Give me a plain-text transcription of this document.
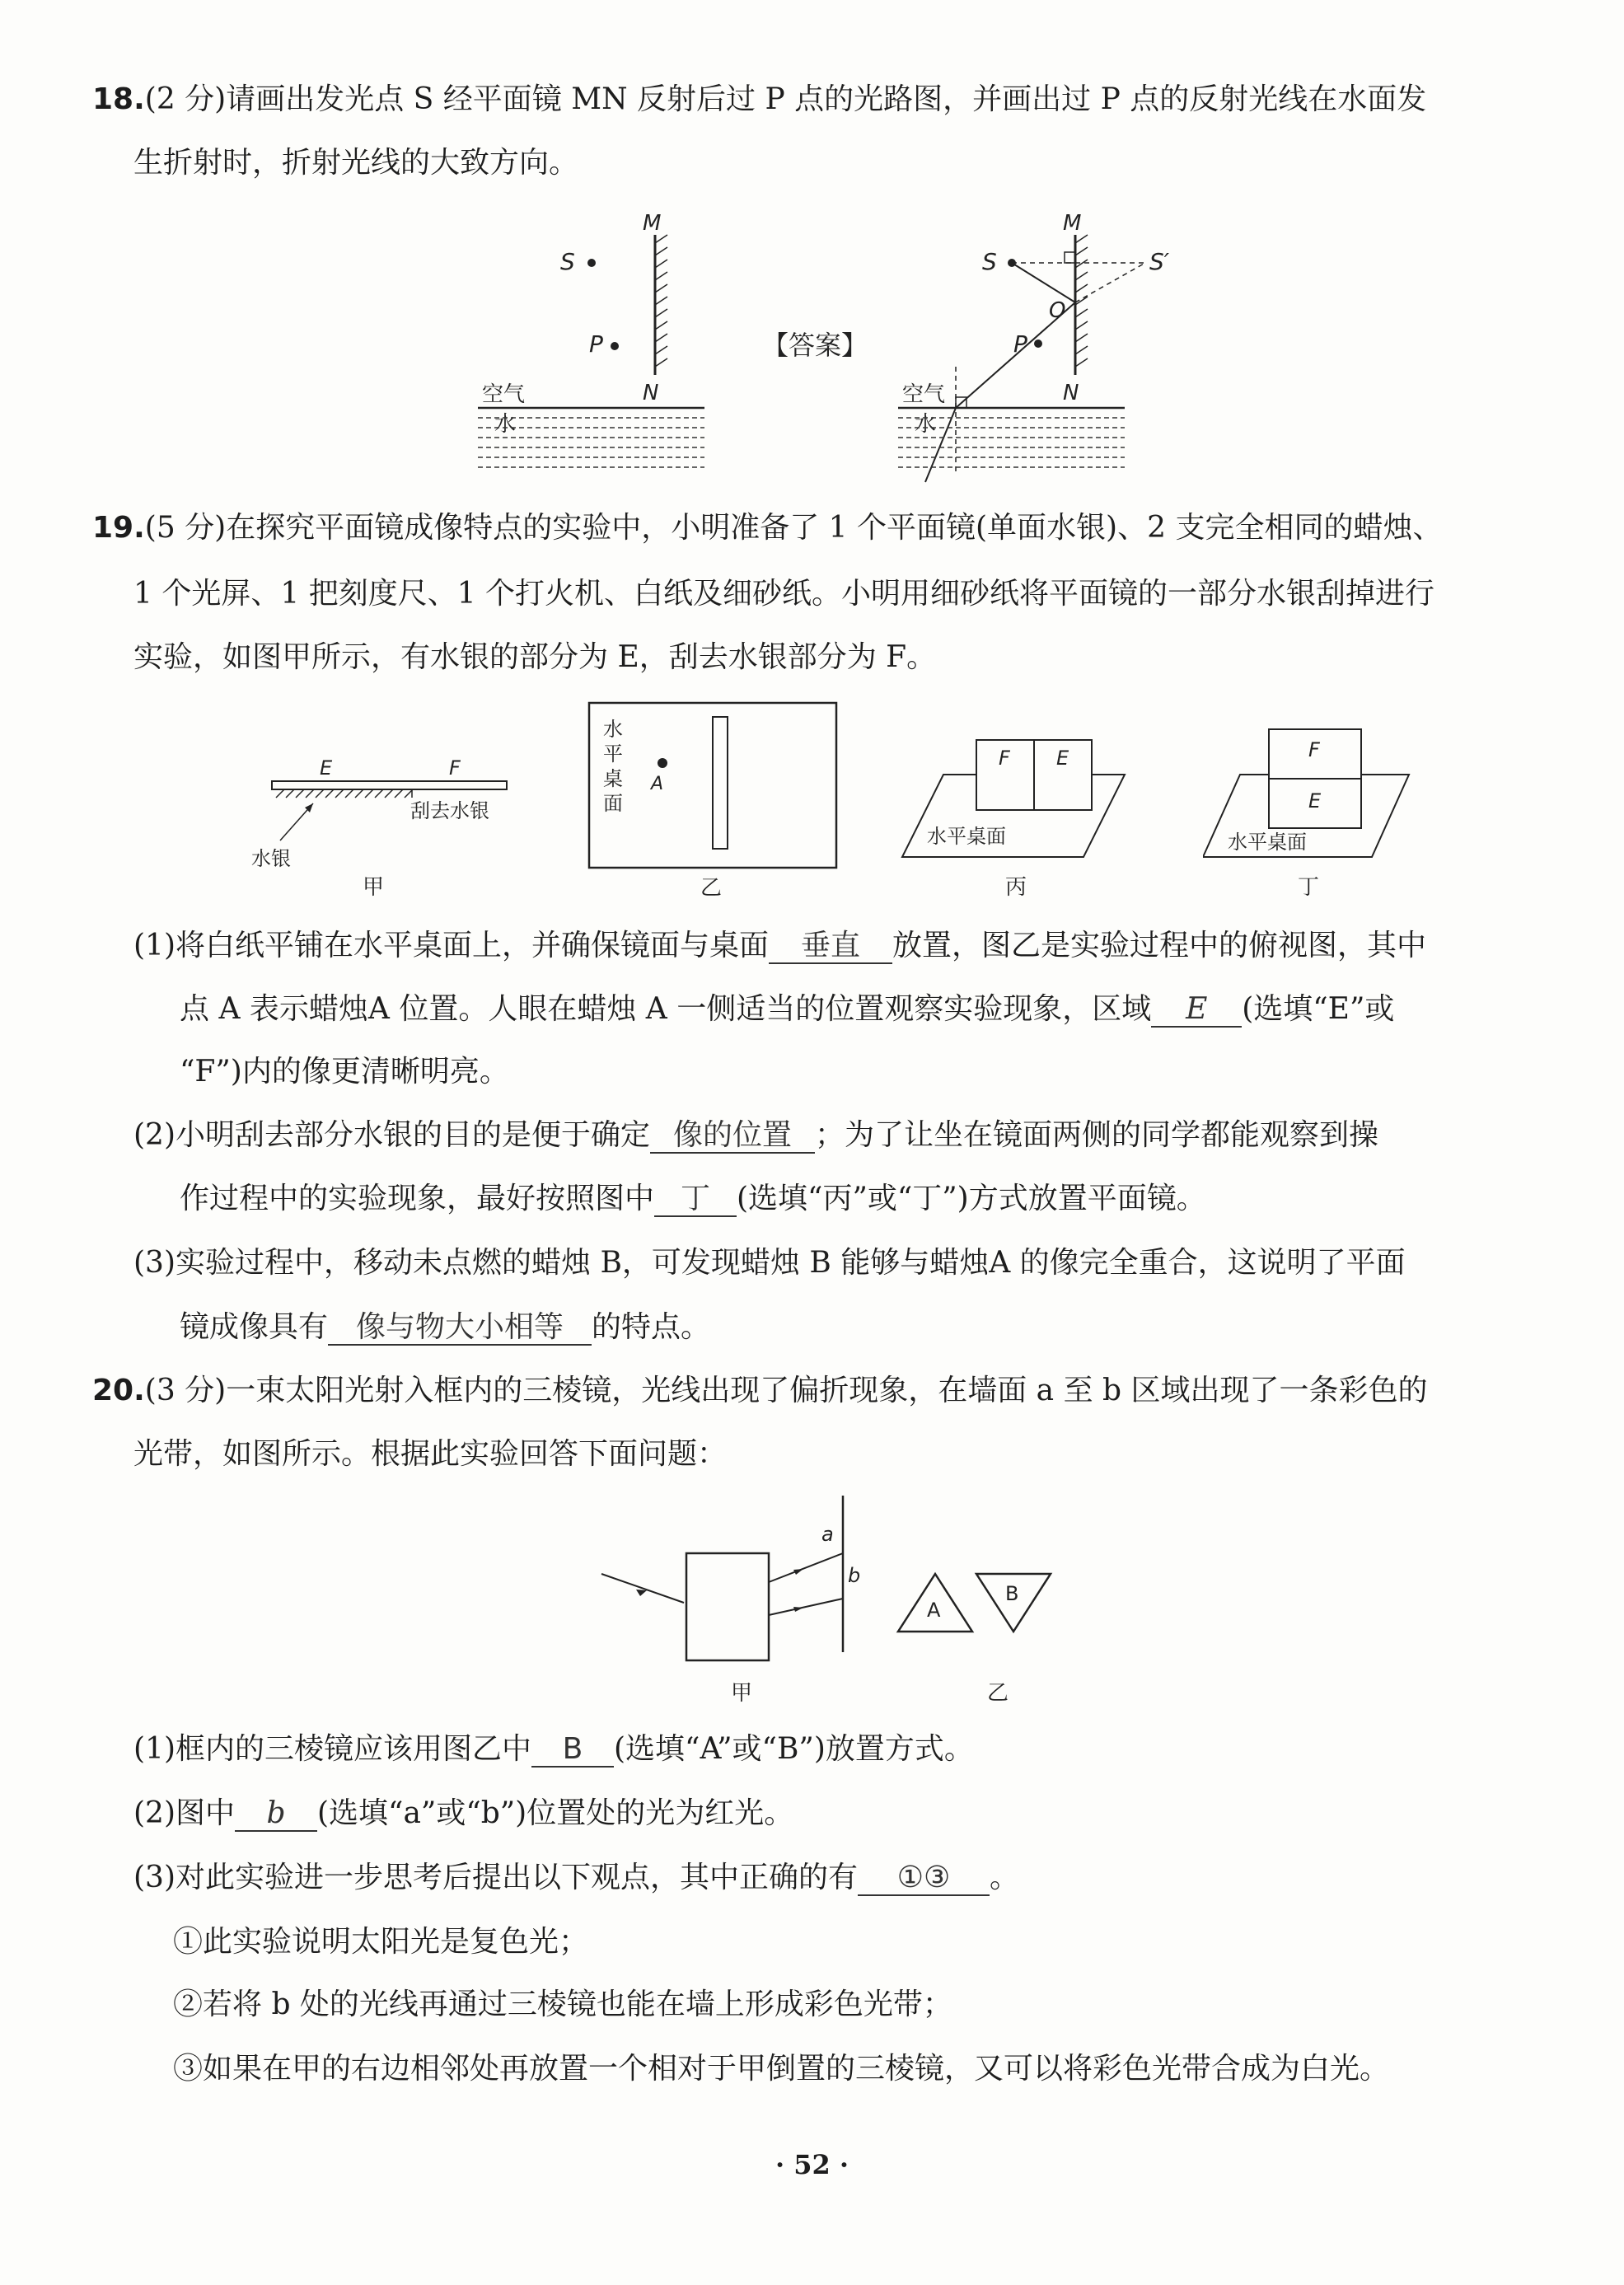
18.(2 分)请画出发光点 S 经平面镜 MN 反射后过 P 点的光路图，并画出过 P 点的反射光线在水面发
生折射时，折射光线的大致方向。
M
N
S
P
空气
水
【答案】
M
N
S	S′
O
P
空气
水
19.(5 分)在探究平面镜成像特点的实验中，小明准备了 1 个平面镜(单面水银)、2 支完全相同的蜡烛、
1 个光屏、1 把刻度尺、1 个打火机、白纸及细砂纸。小明用细砂纸将平面镜的一部分水银刮掉进行
实验，如图甲所示，有水银的部分为 E，刮去水银部分为 F。
E	F
刮去水银
水银
甲
水
平
桌
面
A
乙
F E
水平桌面
丙
F
E
水平桌面
丁
(1)将白纸平铺在水平桌面上，并确保镜面与桌面 垂直 放置，图乙是实验过程中的俯视图，其中
点 A 表示蜡烛A 位置。人眼在蜡烛 A 一侧适当的位置观察实验现象，区域 E (选填“E”或
“F”)内的像更清晰明亮。
(2)小明刮去部分水银的目的是便于确定 像的位置 ；为了让坐在镜面两侧的同学都能观察到操
作过程中的实验现象，最好按照图中 丁 (选填“丙”或“丁”)方式放置平面镜。
(3)实验过程中，移动未点燃的蜡烛 B，可发现蜡烛 B 能够与蜡烛A 的像完全重合，这说明了平面
镜成像具有 像与物大小相等 的特点。
20.(3 分)一束太阳光射入框内的三棱镜，光线出现了偏折现象，在墙面 a 至 b 区域出现了一条彩色的
光带，如图所示。根据此实验回答下面问题：
a
b
A
B
甲	乙
(1)框内的三棱镜应该用图乙中 B (选填“A”或“B”)放置方式。
(2)图中 b (选填“a”或“b”)位置处的光为红光。
(3)对此实验进一步思考后提出以下观点，其中正确的有 ①③ 。
①此实验说明太阳光是复色光；
②若将 b 处的光线再通过三棱镜也能在墙上形成彩色光带；
③如果在甲的右边相邻处再放置一个相对于甲倒置的三棱镜，又可以将彩色光带合成为白光。
· 52 ·
